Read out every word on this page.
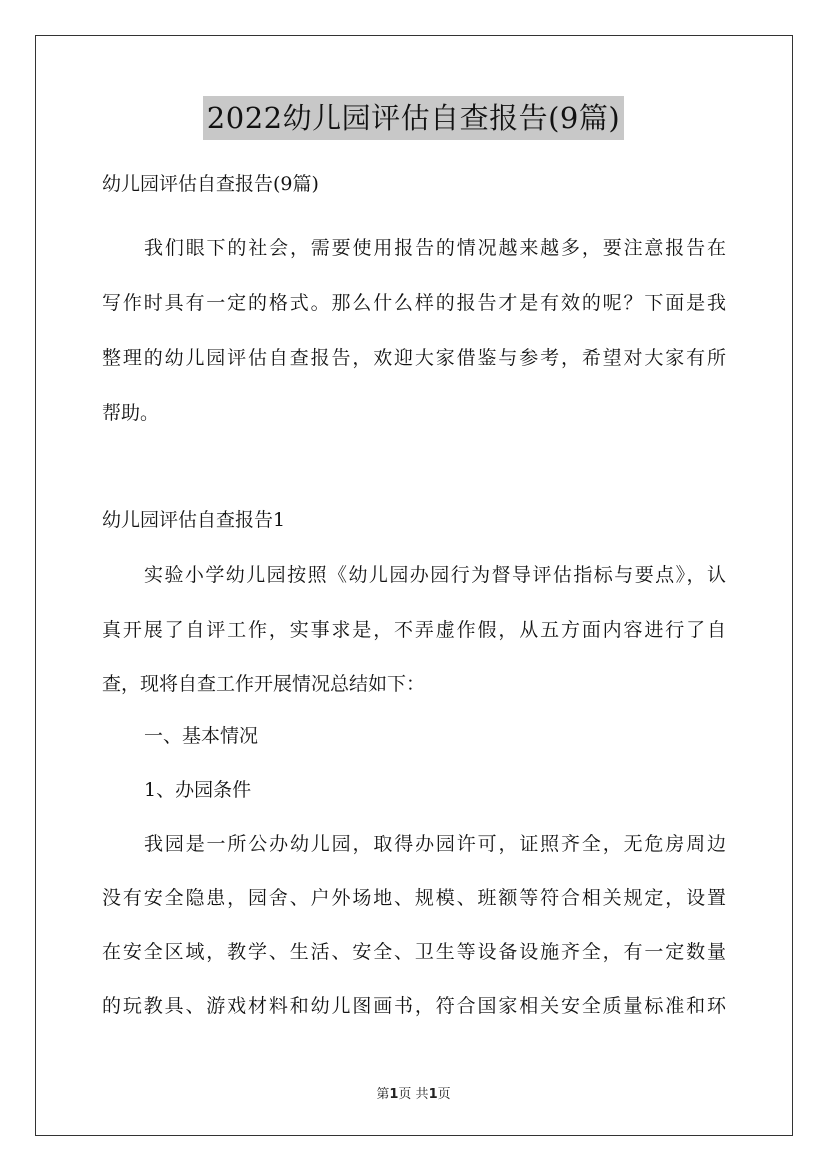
2022幼儿园评估自查报告(9篇)
幼儿园评估自查报告(9篇)
我们眼下的社会，需要使用报告的情况越来越多，要注意报告在
写作时具有一定的格式。那么什么样的报告才是有效的呢？下面是我
整理的幼儿园评估自查报告，欢迎大家借鉴与参考，希望对大家有所
帮助。
幼儿园评估自查报告1
实验小学幼儿园按照《幼儿园办园行为督导评估指标与要点》，认
真开展了自评工作，实事求是，不弄虚作假，从五方面内容进行了自
查，现将自查工作开展情况总结如下：
一、基本情况
1、办园条件
我园是一所公办幼儿园，取得办园许可，证照齐全，无危房周边
没有安全隐患，园舍、户外场地、规模、班额等符合相关规定，设置
在安全区域，教学、生活、安全、卫生等设备设施齐全，有一定数量
的玩教具、游戏材料和幼儿图画书，符合国家相关安全质量标准和环
第1页 共1页
